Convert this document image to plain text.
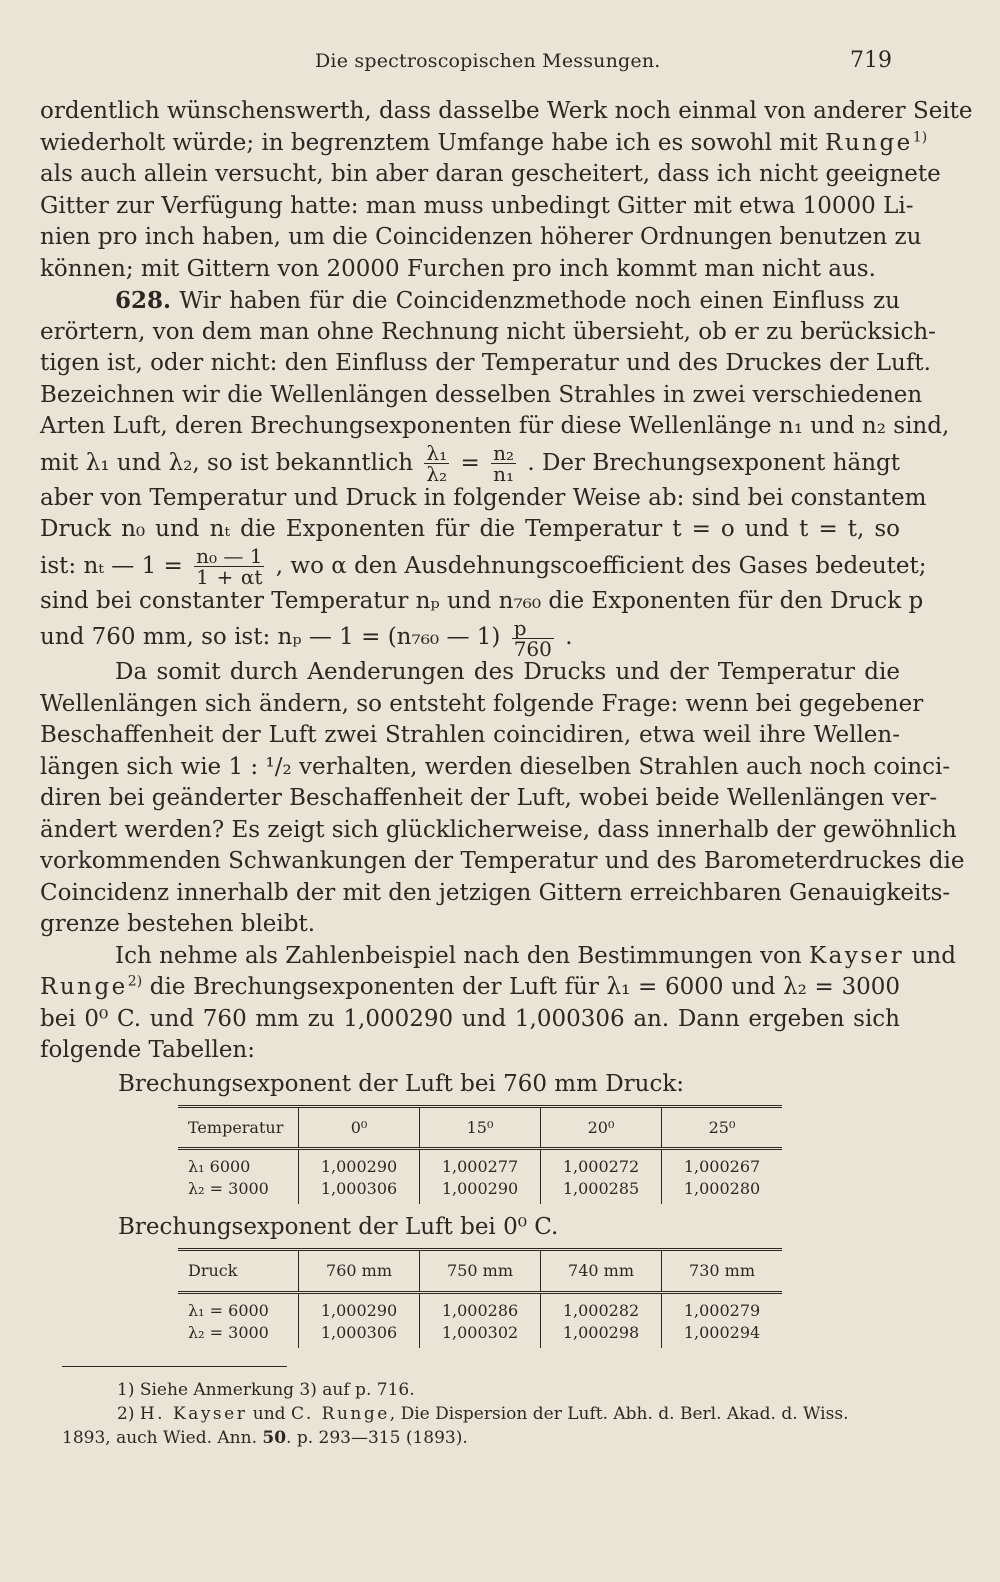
Die spectroscopischen Messungen.	719
ordentlich wünschenswerth, dass dasselbe Werk noch einmal von anderer Seite
wiederholt würde; in begrenztem Umfange habe ich es sowohl mit Runge$^{1)}$
als auch allein versucht, bin aber daran gescheitert, dass ich nicht geeignete
Gitter zur Verfügung hatte: man muss unbedingt Gitter mit etwa 10000 Li-
nien pro inch haben, um die Coincidenzen höherer Ordnungen benutzen zu
können; mit Gittern von 20000 Furchen pro inch kommt man nicht aus.
628. Wir haben für die Coincidenzmethode noch einen Einfluss zu
erörtern, von dem man ohne Rechnung nicht übersieht, ob er zu berücksich-
tigen ist, oder nicht: den Einfluss der Temperatur und des Druckes der Luft.
Bezeichnen wir die Wellenlängen desselben Strahles in zwei verschiedenen
Arten Luft, deren Brechungsexponenten für diese Wellenlänge n₁ und n₂ sind,
mit λ₁ und λ₂, so ist bekanntlich $\frac{\text{λ₁}}{\text{λ₂}} = \frac{\text{n₂}}{\text{n₁}}$ . Der Brechungsexponent hängt
aber von Temperatur und Druck in folgender Weise ab: sind bei constantem
Druck n₀ und nₜ die Exponenten für die Temperatur t = o und t = t, so
ist: nₜ — $1 = \frac{\text{n₀ — 1}}{1 + \alpha t}$ , wo α den Ausdehnungscoefficient des Gases bedeutet;
sind bei constanter Temperatur nₚ und n₇₆₀ die Exponenten für den Druck p
und 760 mm, so ist: nₚ — 1 = (n₇₆₀ — $1) \frac{p}{760}$ .
Da somit durch Aenderungen des Drucks und der Temperatur die
Wellenlängen sich ändern, so entsteht folgende Frage: wenn bei gegebener
Beschaffenheit der Luft zwei Strahlen coincidiren, etwa weil ihre Wellen-
längen sich wie 1 : ¹/₂ verhalten, werden dieselben Strahlen auch noch coinci-
diren bei geänderter Beschaffenheit der Luft, wobei beide Wellenlängen ver-
ändert werden? Es zeigt sich glücklicherweise, dass innerhalb der gewöhnlich
vorkommenden Schwankungen der Temperatur und des Barometerdruckes die
Coincidenz innerhalb der mit den jetzigen Gittern erreichbaren Genauigkeits-
grenze bestehen bleibt.
Ich nehme als Zahlenbeispiel nach den Bestimmungen von Kayser und
Runge$^{2)}$ die Brechungsexponenten der Luft für λ₁ = 6000 und λ₂ = 3000
bei 0⁰ C. und 760 mm zu 1,000290 und 1,000306 an. Dann ergeben sich
folgende Tabellen:
Brechungsexponent der Luft bei 760 mm Druck:
Temperatur	0⁰	15⁰	20⁰	25⁰
λ₁ 6000	1,000290	1,000277	1,000272	1,000267
λ₂ = 3000	1,000306	1,000290	1,000285	1,000280
Brechungsexponent der Luft bei 0⁰ C.
Druck	760 mm	750 mm	740 mm	730 mm
λ₁ = 6000	1,000290	1,000286	1,000282	1,000279
λ₂ = 3000	1,000306	1,000302	1,000298	1,000294
1) Siehe Anmerkung 3) auf p. 716.
2) H. Kayser und C. Runge, Die Dispersion der Luft. Abh. d. Berl. Akad. d. Wiss.
1893, auch Wied. Ann. 50. p. 293—315 (1893).
